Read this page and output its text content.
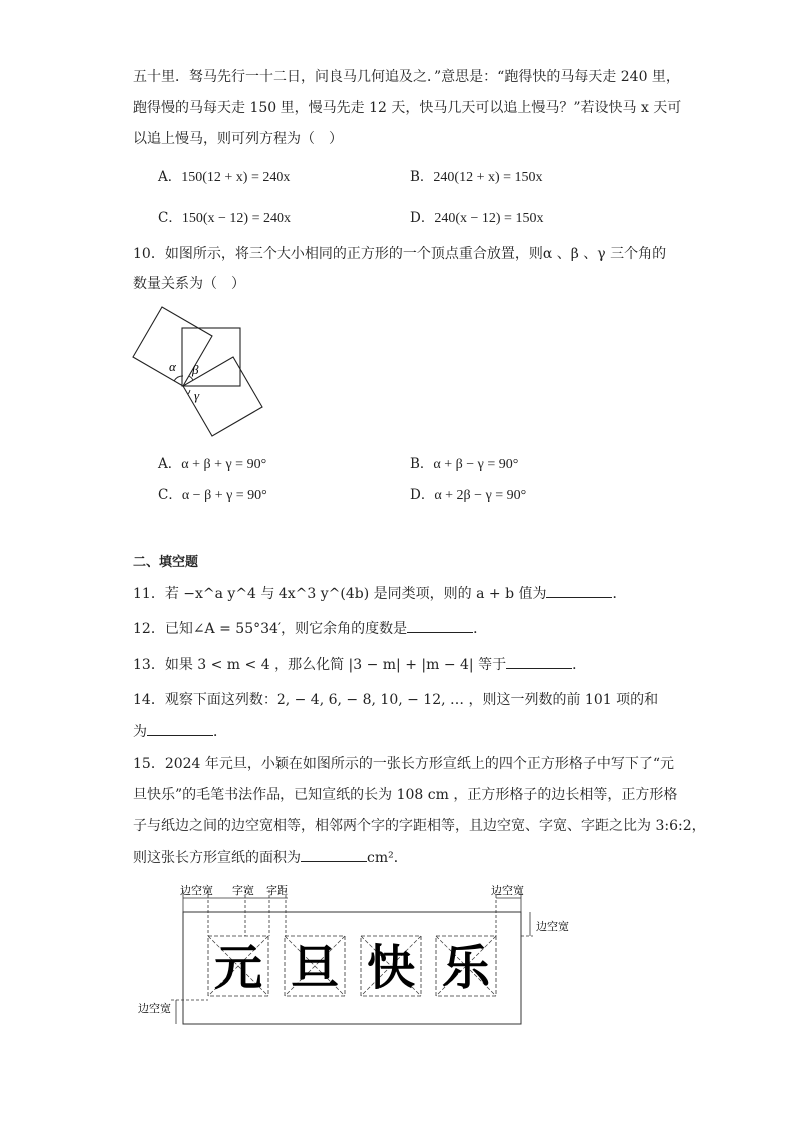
五十里．驽马先行一十二日，问良马几何追及之．”意思是：“跑得快的马每天走 240 里，
跑得慢的马每天走 150 里，慢马先走 12 天，快马几天可以追上慢马？”若设快马 x 天可
以追上慢马，则可列方程为（　）
A．150(12 + x) = 240x	B．240(12 + x) = 150x
C．150(x − 12) = 240x	D．240(x − 12) = 150x
10．如图所示，将三个大小相同的正方形的一个顶点重合放置，则α 、β 、γ 三个角的
数量关系为（　）
α β
γ
A．α + β + γ = 90°	B．α + β − γ = 90°
C．α − β + γ = 90°	D．α + 2β − γ = 90°
二、填空题
11．若 −x^a y^4 与 4x^3 y^(4b) 是同类项，则的 a + b 值为	．
12．已知∠A = 55°34′，则它余角的度数是	．
13．如果 3 < m < 4 ，那么化简 |3 − m| + |m − 4| 等于	．
14．观察下面这列数：2, − 4, 6, − 8, 10, − 12, … ，则这一列数的前 101 项的和
为	．
15．2024 年元旦，小颖在如图所示的一张长方形宣纸上的四个正方形格子中写下了“元
旦快乐”的毛笔书法作品，已知宣纸的长为 108 cm ，正方形格子的边长相等，正方形格
子与纸边之间的边空宽相等，相邻两个字的字距相等，且边空宽、字宽、字距之比为 3:6:2，
则这张长方形宣纸的面积为	cm²．
边空宽 字宽 字距	边空宽
边空宽
边空宽
元 旦 快 乐
